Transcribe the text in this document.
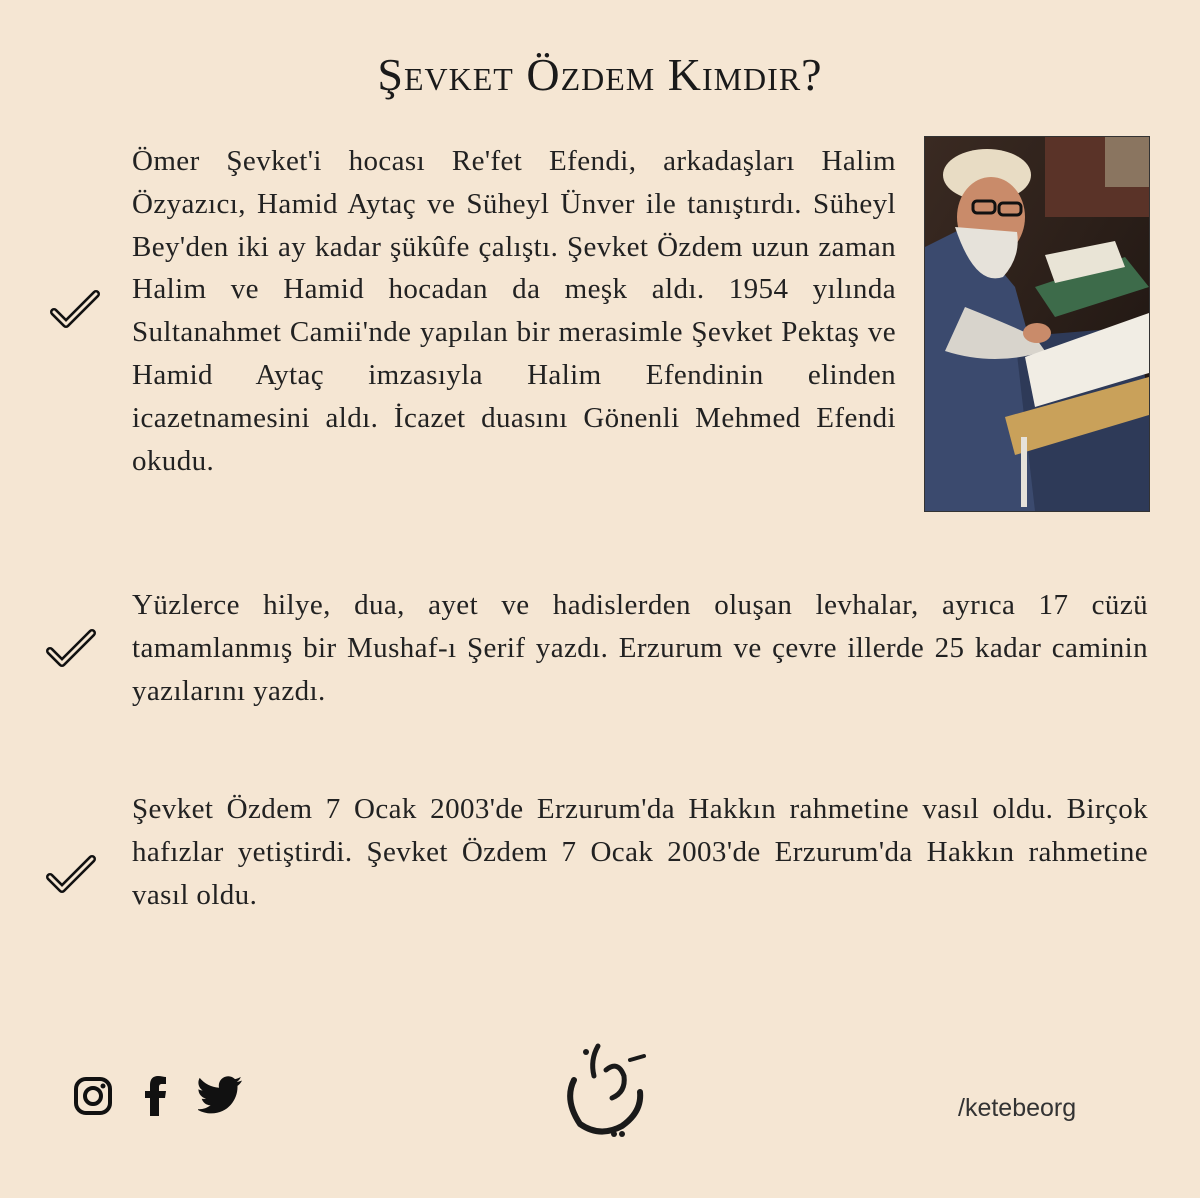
Şevket Özdem Kimdir?
Ömer Şevket'i hocası Re'fet Efendi, arkadaşları Halim Özyazıcı, Hamid Aytaç ve Süheyl Ünver ile tanıştırdı. Süheyl Bey'den iki ay kadar şükûfe çalıştı. Şevket Özdem uzun zaman Halim ve Hamid hocadan da meşk aldı. 1954 yılında Sultanahmet Camii'nde yapılan bir merasimle Şevket Pektaş ve Hamid Aytaç imzasıyla Halim Efendinin elinden icazetnamesini aldı. İcazet duasını Gönenli Mehmed Efendi okudu.
Yüzlerce hilye, dua, ayet ve hadislerden oluşan levhalar, ayrıca 17 cüzü tamamlanmış bir Mushaf-ı Şerif yazdı. Erzurum ve çevre illerde 25 kadar caminin yazılarını yazdı.
Şevket Özdem 7 Ocak 2003'de Erzurum'da Hakkın rahmetine vasıl oldu. Birçok hafızlar yetiştirdi. Şevket Özdem 7 Ocak 2003'de Erzurum'da Hakkın rahmetine vasıl oldu.
/ketebeorg
